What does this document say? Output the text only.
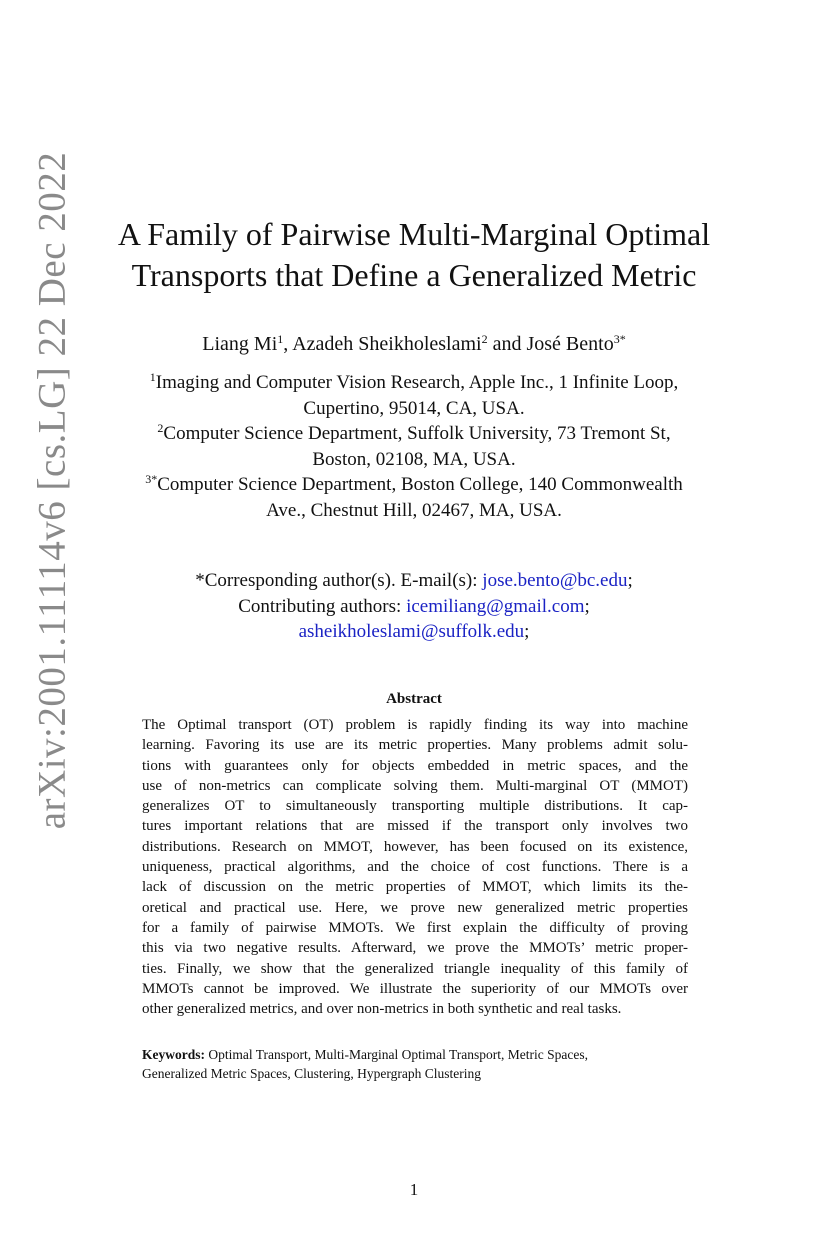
arXiv:2001.11114v6 [cs.LG] 22 Dec 2022	A Family of Pairwise Multi-Marginal Optimal
Transports that Define a Generalized Metric
Liang Mi$^1$, Azadeh Sheikholeslami$^2$ and José Bento$^{3*}$
$^1$Imaging and Computer Vision Research, Apple Inc., 1 Infinite Loop,
Cupertino, 95014, CA, USA.
$^2$Computer Science Department, Suffolk University, 73 Tremont St,
Boston, 02108, MA, USA.
$^{3*}$Computer Science Department, Boston College, 140 Commonwealth
Ave., Chestnut Hill, 02467, MA, USA.
*Corresponding author(s). E-mail(s): jose.bento@bc.edu;
Contributing authors: icemiliang@gmail.com;
asheikholeslami@suffolk.edu;
Abstract
The Optimal transport (OT) problem is rapidly finding its way into machine
learning. Favoring its use are its metric properties. Many problems admit solu-
tions with guarantees only for objects embedded in metric spaces, and the
use of non-metrics can complicate solving them. Multi-marginal OT (MMOT)
generalizes OT to simultaneously transporting multiple distributions. It cap-
tures important relations that are missed if the transport only involves two
distributions. Research on MMOT, however, has been focused on its existence,
uniqueness, practical algorithms, and the choice of cost functions. There is a
lack of discussion on the metric properties of MMOT, which limits its the-
oretical and practical use. Here, we prove new generalized metric properties
for a family of pairwise MMOTs. We first explain the difficulty of proving
this via two negative results. Afterward, we prove the MMOTs’ metric proper-
ties. Finally, we show that the generalized triangle inequality of this family of
MMOTs cannot be improved. We illustrate the superiority of our MMOTs over
other generalized metrics, and over non-metrics in both synthetic and real tasks.
Keywords: Optimal Transport, Multi-Marginal Optimal Transport, Metric Spaces,
Generalized Metric Spaces, Clustering, Hypergraph Clustering
1
